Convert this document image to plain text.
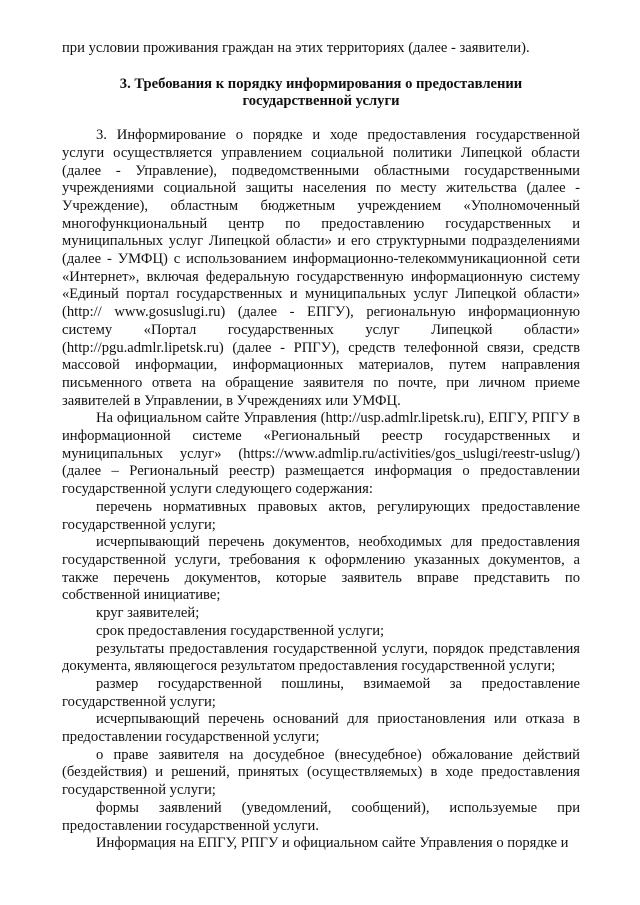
при условии проживания граждан на этих территориях (далее - заявители).

3. Требования к порядку информирования о предоставлении государственной услуги

3. Информирование о порядке и ходе предоставления государственной услуги осуществляется управлением социальной политики Липецкой области (далее - Управление), подведомственными областными государственными учреждениями социальной защиты населения по месту жительства (далее - Учреждение), областным бюджетным учреждением «Уполномоченный многофункциональный центр по предоставлению государственных и муниципальных услуг Липецкой области» и его структурными подразделениями (далее - УМФЦ) с использованием информационно-телекоммуникационной сети «Интернет», включая федеральную государственную информационную систему «Единый портал государственных и муниципальных услуг Липецкой области» (http:// www.gosuslugi.ru) (далее - ЕПГУ), региональную информационную систему «Портал государственных услуг Липецкой области» (http://pgu.admlr.lipetsk.ru) (далее - РПГУ), средств телефонной связи, средств массовой информации, информационных материалов, путем направления письменного ответа на обращение заявителя по почте, при личном приеме заявителей в Управлении, в Учреждениях или УМФЦ.

На официальном сайте Управления (http://usp.admlr.lipetsk.ru), ЕПГУ, РПГУ в информационной системе «Региональный реестр государственных и муниципальных услуг» (https://www.admlip.ru/activities/gos_uslugi/reestr-uslug/) (далее – Региональный реестр) размещается информация о предоставлении государственной услуги следующего содержания:

перечень нормативных правовых актов, регулирующих предоставление государственной услуги;

исчерпывающий перечень документов, необходимых для предоставления государственной услуги, требования к оформлению указанных документов, а также перечень документов, которые заявитель вправе представить по собственной инициативе;

круг заявителей;

срок предоставления государственной услуги;

результаты предоставления государственной услуги, порядок представления документа, являющегося результатом предоставления государственной услуги;

размер государственной пошлины, взимаемой за предоставление государственной услуги;

исчерпывающий перечень оснований для приостановления или отказа в предоставлении государственной услуги;

о праве заявителя на досудебное (внесудебное) обжалование действий (бездействия) и решений, принятых (осуществляемых) в ходе предоставления государственной услуги;

формы заявлений (уведомлений, сообщений), используемые при предоставлении государственной услуги.

Информация на ЕПГУ, РПГУ и официальном сайте Управления о порядке и
